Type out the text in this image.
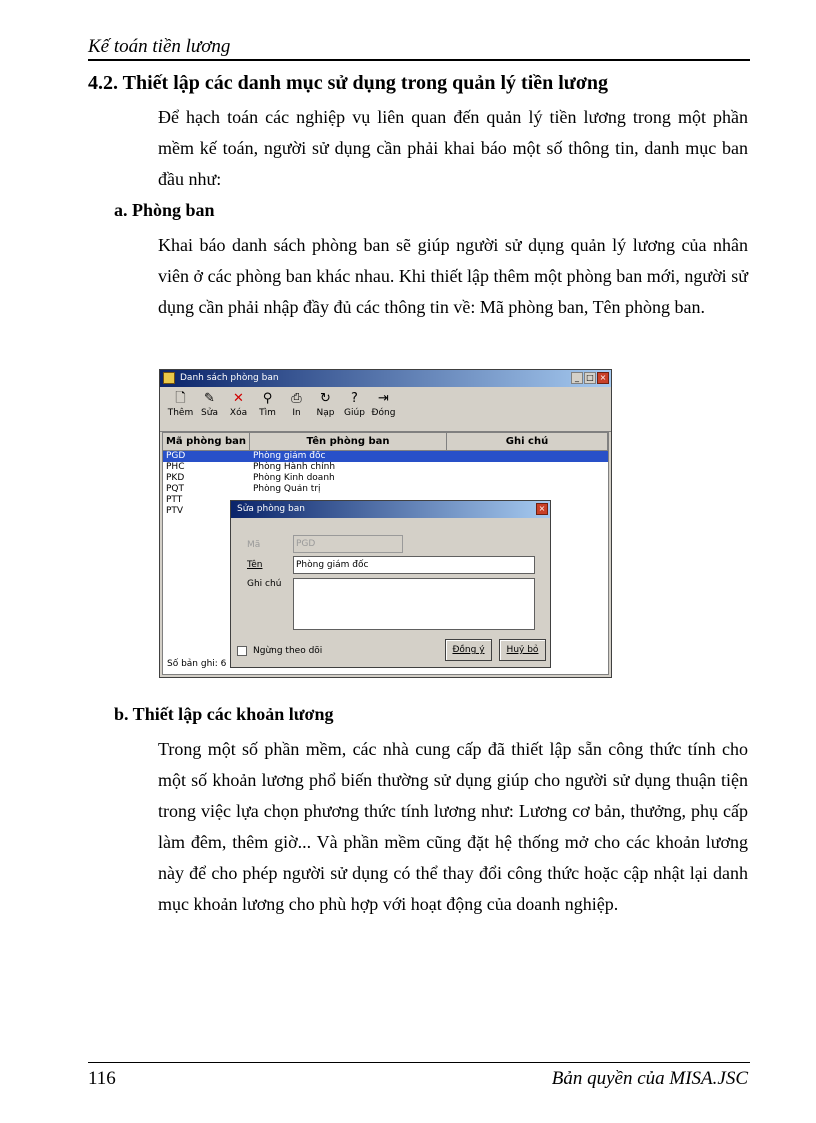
Kế toán tiền lương
4.2. Thiết lập các danh mục sử dụng trong quản lý tiền lương

Để hạch toán các nghiệp vụ liên quan đến quản lý tiền lương trong một phần mềm kế toán, người sử dụng cần phải khai báo một số thông tin, danh mục ban đầu như:

a. Phòng ban

Khai báo danh sách phòng ban sẽ giúp người sử dụng quản lý lương của nhân viên ở các phòng ban khác nhau. Khi thiết lập thêm một phòng ban mới, người sử dụng cần phải nhập đầy đủ các thông tin về: Mã phòng ban, Tên phòng ban.

Danh sách phòng ban	_ □ ×
🗋
Thêm
✎
Sửa
✕
Xóa
⚲
Tìm
⎙
In
↻
Nạp
?
Giúp
⇥
Đóng
Mã phòng ban	Tên phòng ban	Ghi chú
PGD	Phòng giám đốc
PHC	Phòng Hành chính
PKD	Phòng Kinh doanh
PQT	Phòng Quản trị
PTT
PTV
Số bản ghi: 6
Sửa phòng ban	×
Mã	PGD
Tên	Phòng giám đốc
Ghi chú
Ngừng theo dõi	Đồng ý	Huỷ bỏ
b. Thiết lập các khoản lương

Trong một số phần mềm, các nhà cung cấp đã thiết lập sẵn công thức tính cho một số khoản lương phổ biến thường sử dụng giúp cho người sử dụng thuận tiện trong việc lựa chọn phương thức tính lương như: Lương cơ bản, thưởng, phụ cấp làm đêm, thêm giờ... Và phần mềm cũng đặt hệ thống mở cho các khoản lương này để cho phép người sử dụng có thể thay đổi công thức hoặc cập nhật lại danh mục khoản lương cho phù hợp với hoạt động của doanh nghiệp.

116	Bản quyền của MISA.JSC
